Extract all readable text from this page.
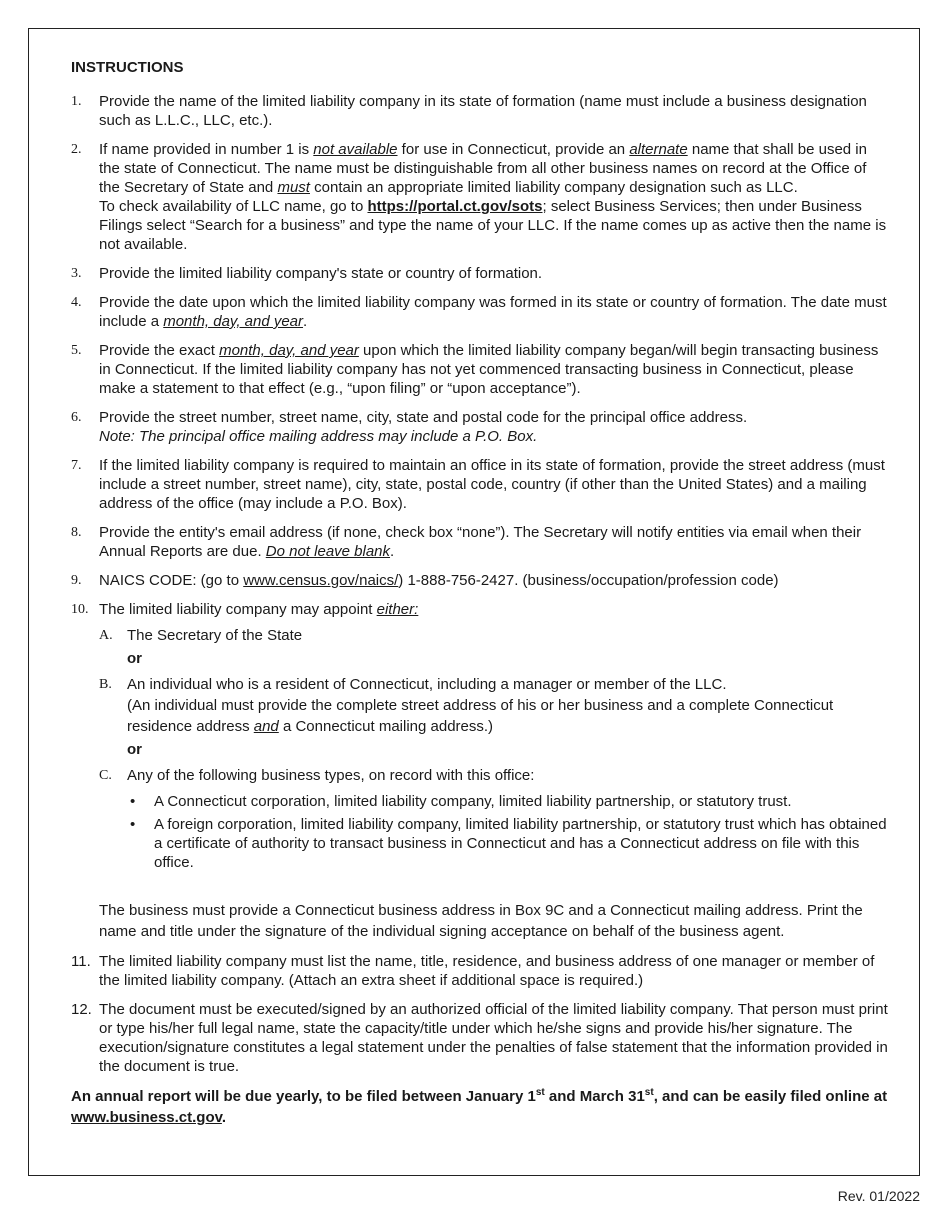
INSTRUCTIONS
1. Provide the name of the limited liability company in its state of formation (name must include a business designation such as L.L.C., LLC, etc.).
2. If name provided in number 1 is not available for use in Connecticut, provide an alternate name that shall be used in the state of Connecticut. The name must be distinguishable from all other business names on record at the Office of the Secretary of State and must contain an appropriate limited liability company designation such as LLC.
To check availability of LLC name, go to https://portal.ct.gov/sots; select Business Services; then under Business Filings select “Search for a business” and type the name of your LLC. If the name comes up as active then the name is not available.
3. Provide the limited liability company's state or country of formation.
4. Provide the date upon which the limited liability company was formed in its state or country of formation. The date must include a month, day, and year.
5. Provide the exact month, day, and year upon which the limited liability company began/will begin transacting business in Connecticut. If the limited liability company has not yet commenced transacting business in Connecticut, please make a statement to that effect (e.g., “upon filing” or “upon acceptance”).
6. Provide the street number, street name, city, state and postal code for the principal office address.
Note: The principal office mailing address may include a P.O. Box.
7. If the limited liability company is required to maintain an office in its state of formation, provide the street address (must include a street number, street name), city, state, postal code, country (if other than the United States) and a mailing address of the office (may include a P.O. Box).
8. Provide the entity's email address (if none, check box “none”). The Secretary will notify entities via email when their Annual Reports are due. Do not leave blank.
9. NAICS CODE: (go to www.census.gov/naics/) 1-888-756-2427. (business/occupation/profession code)
10. The limited liability company may appoint either:
A. The Secretary of the State
or
B. An individual who is a resident of Connecticut, including a manager or member of the LLC.
(An individual must provide the complete street address of his or her business and a complete Connecticut residence address and a Connecticut mailing address.)
or
C. Any of the following business types, on record with this office:
• A Connecticut corporation, limited liability company, limited liability partnership, or statutory trust.
• A foreign corporation, limited liability company, limited liability partnership, or statutory trust which has obtained a certificate of authority to transact business in Connecticut and has a Connecticut address on file with this office.
The business must provide a Connecticut business address in Box 9C and a Connecticut mailing address. Print the name and title under the signature of the individual signing acceptance on behalf of the business agent.
11. The limited liability company must list the name, title, residence, and business address of one manager or member of the limited liability company. (Attach an extra sheet if additional space is required.)
12. The document must be executed/signed by an authorized official of the limited liability company. That person must print or type his/her full legal name, state the capacity/title under which he/she signs and provide his/her signature. The execution/signature constitutes a legal statement under the penalties of false statement that the information provided in the document is true.
An annual report will be due yearly, to be filed between January 1st and March 31st, and can be easily filed online at www.business.ct.gov.
Rev. 01/2022
